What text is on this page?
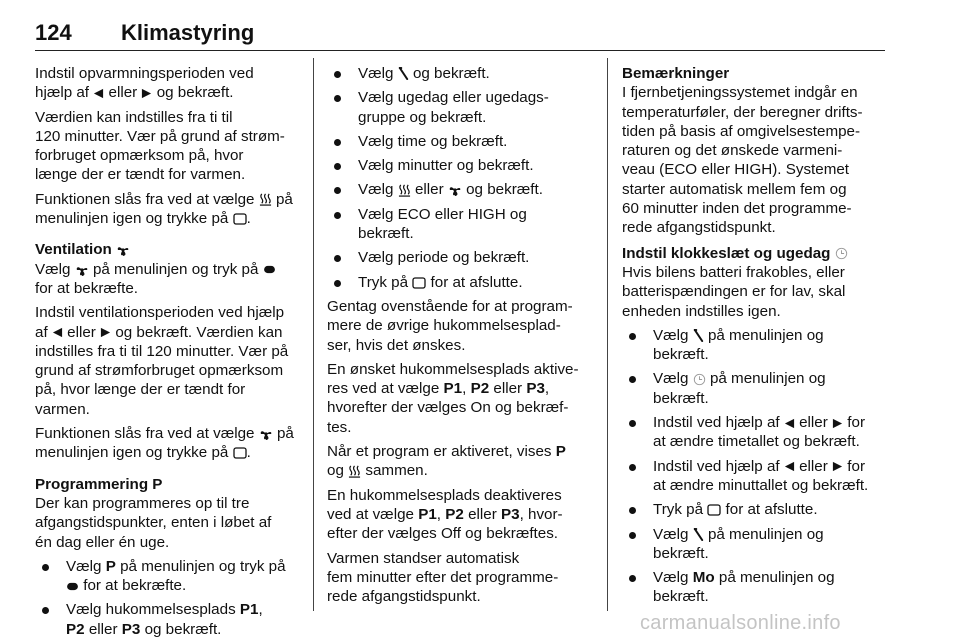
124 Klimastyring
Indstil opvarmningsperioden ved
hjælp af eller og bekræft.
Værdien kan indstilles fra ti til
120 minutter. Vær på grund af strøm-
forbruget opmærksom på, hvor
længe der er tændt for varmen.
Funktionen slås fra ved at vælge på
menulinjen igen og trykke på .
Ventilation
Vælg på menulinjen og tryk på

for at bekræfte.
Indstil ventilationsperioden ved hjælp
af eller og bekræft. Værdien kan
indstilles fra ti til 120 minutter. Vær på
grund af strømforbruget opmærksom
på, hvor længe der er tændt for
varmen.
Funktionen slås fra ved at vælge på
menulinjen igen og trykke på .
Programmering P
Der kan programmeres op til tre
afgangstidspunkter, enten i løbet af
én dag eller én uge.
Vælg P på menulinjen og tryk på

for at bekræfte.
Vælg hukommelsesplads P1,
P2 eller P3 og bekræft.
Vælg og bekræft.
Vælg ugedag eller ugedags-
gruppe og bekræft.
Vælg time og bekræft.
Vælg minutter og bekræft.
Vælg eller og bekræft.
Vælg ECO eller HIGH og
bekræft.
Vælg periode og bekræft.
Tryk på for at afslutte.
Gentag ovenstående for at program-
mere de øvrige hukommelsesplad-
ser, hvis det ønskes.
En ønsket hukommelsesplads aktive-
res ved at vælge P1, P2 eller P3,
hvorefter der vælges On og bekræf-
tes.
Når et program er aktiveret, vises P
og sammen.
En hukommelsesplads deaktiveres
ved at vælge P1, P2 eller P3, hvor-
efter der vælges Off og bekræftes.
Varmen standser automatisk
fem minutter efter det programme-
rede afgangstidspunkt.
Bemærkninger
I fjernbetjeningssystemet indgår en
temperaturføler, der beregner drifts-
tiden på basis af omgivelsestempe-
raturen og det ønskede varmeni-
veau (ECO eller HIGH). Systemet
starter automatisk mellem fem og
60 minutter inden det programme-
rede afgangstidspunkt.
Indstil klokkeslæt og ugedag
Hvis bilens batteri frakobles, eller
batterispændingen er for lav, skal
enheden indstilles igen.
Vælg på menulinjen og
bekræft.
Vælg på menulinjen og
bekræft.
Indstil ved hjælp af eller for
at ændre timetallet og bekræft.
Indstil ved hjælp af eller for
at ændre minuttallet og bekræft.
Tryk på for at afslutte.
Vælg på menulinjen og
bekræft.
Vælg Mo på menulinjen og
bekræft.
carmanualsonline.info
